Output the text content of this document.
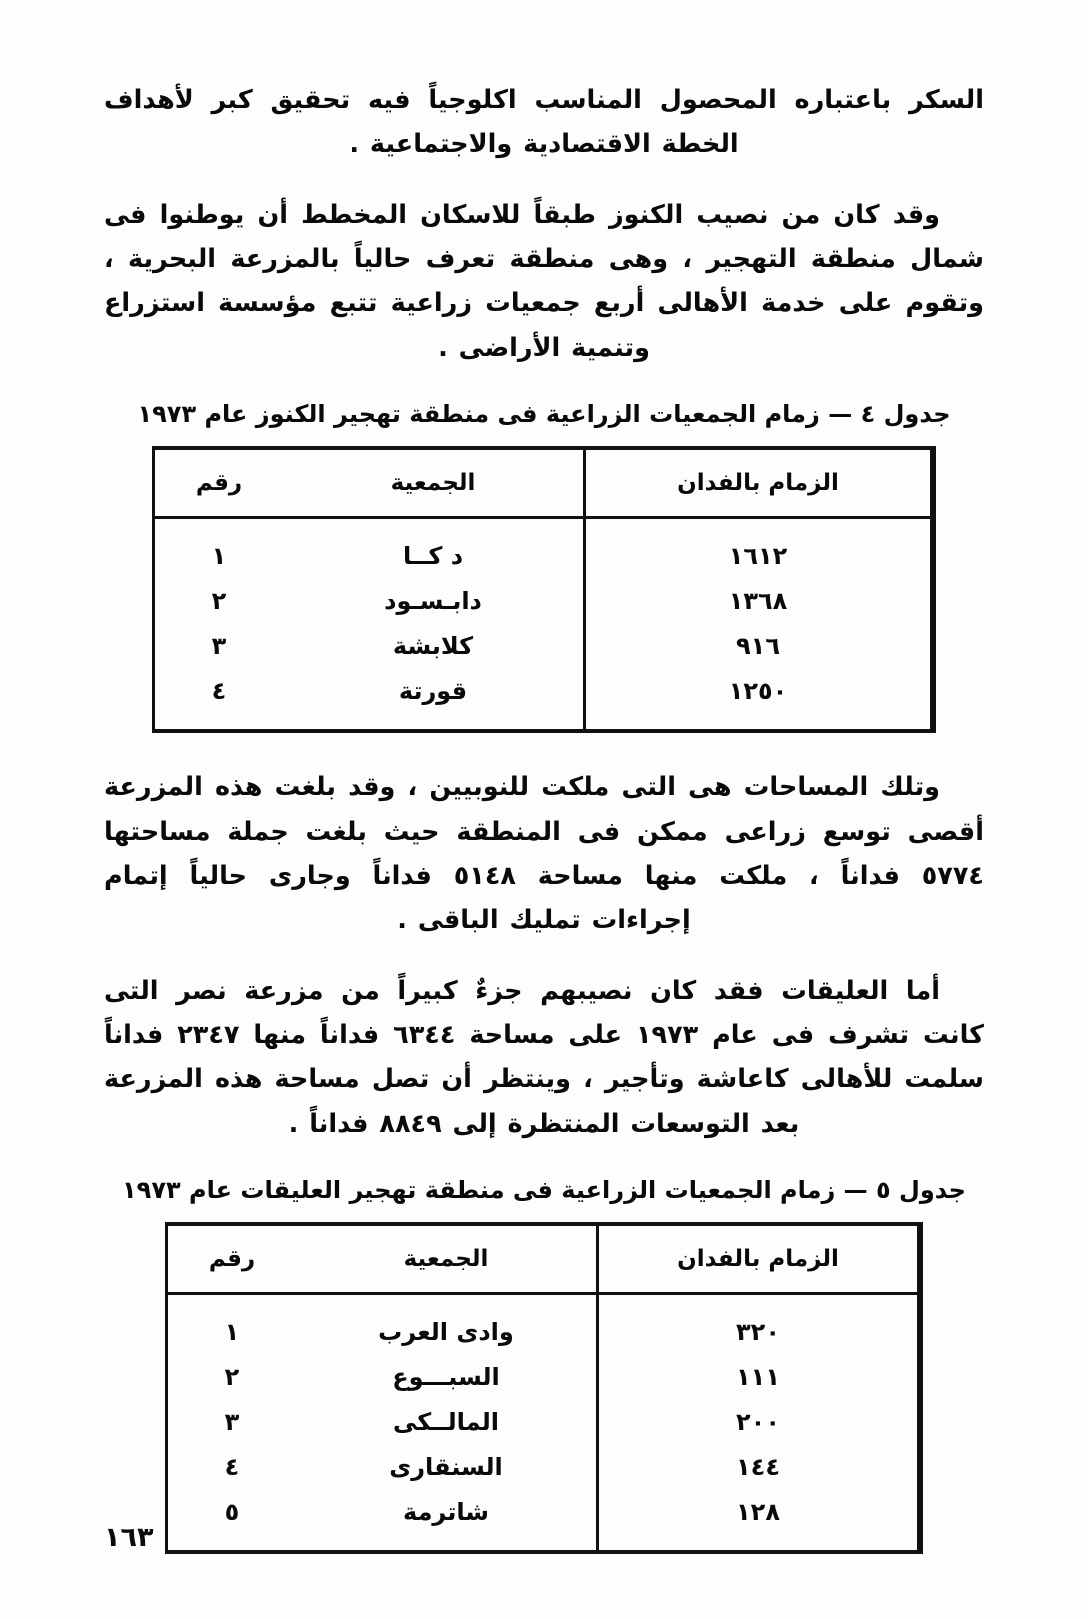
السكر باعتباره المحصول المناسب اكلوجياً فيه تحقيق كبر لأهداف الخطة الاقتصادية والاجتماعية .

وقد كان من نصيب الكنوز طبقاً للاسكان المخطط أن يوطنوا فى شمال منطقة التهجير ، وهى منطقة تعرف حالياً بالمزرعة البحرية ، وتقوم على خدمة الأهالى أربع جمعيات زراعية تتبع مؤسسة استزراع وتنمية الأراضى .

جدول ٤ — زمام الجمعيات الزراعية فى منطقة تهجير الكنوز عام ١٩٧٣
الزمام بالفدان	الجمعية	رقم
١٦١٢	د كــا	١
١٣٦٨	دابـسـود	٢
٩١٦	كلابشة	٣
١٢٥٠	قورتة	٤

وتلك المساحات هى التى ملكت للنوبيين ، وقد بلغت هذه المزرعة أقصى توسع زراعى ممكن فى المنطقة حيث بلغت جملة مساحتها ٥٧٧٤ فداناً ، ملكت منها مساحة ٥١٤٨ فداناً وجارى حالياً إتمام إجراءات تمليك الباقى .

أما العليقات فقد كان نصيبهم جزءٌ كبيراً من مزرعة نصر التى كانت تشرف فى عام ١٩٧٣ على مساحة ٦٣٤٤ فداناً منها ٢٣٤٧ فداناً سلمت للأهالى كاعاشة وتأجير ، وينتظر أن تصل مساحة هذه المزرعة بعد التوسعات المنتظرة إلى ٨٨٤٩ فداناً .

جدول ٥ — زمام الجمعيات الزراعية فى منطقة تهجير العليقات عام ١٩٧٣
الزمام بالفدان	الجمعية	رقم
٣٢٠	وادى العرب	١
١١١	السبـــوع	٢
٢٠٠	المالــكى	٣
١٤٤	السنقارى	٤
١٢٨	شاترمة	٥
١٦٣
